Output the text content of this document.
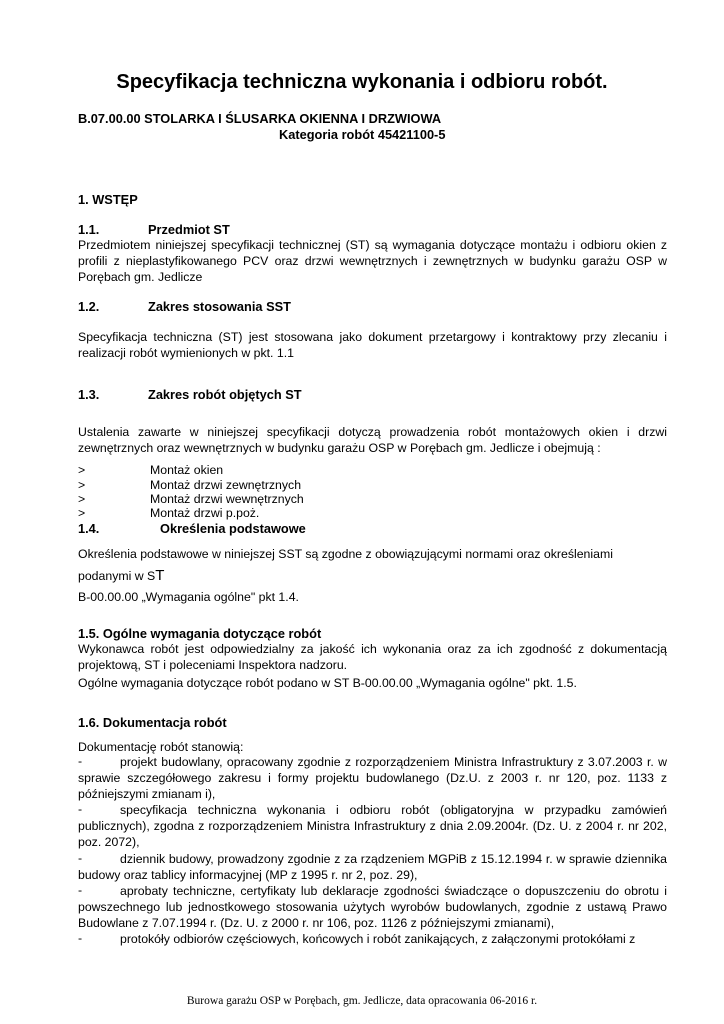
Specyfikacja techniczna wykonania i odbioru robót.
B.07.00.00 STOLARKA I ŚLUSARKA OKIENNA I DRZWIOWA
Kategoria robót 45421100-5
1. WSTĘP
1.1.	Przedmiot ST
Przedmiotem niniejszej specyfikacji technicznej (ST) są wymagania dotyczące montażu i odbioru okien z profili z nieplastyfikowanego PCV oraz drzwi wewnętrznych i zewnętrznych w budynku garażu OSP w Porębach gm. Jedlicze
1.2.	Zakres stosowania SST
Specyfikacja techniczna (ST) jest stosowana jako dokument przetargowy i kontraktowy przy zlecaniu i realizacji robót wymienionych w pkt. 1.1
1.3.	Zakres robót objętych ST
Ustalenia zawarte w niniejszej specyfikacji dotyczą prowadzenia robót montażowych okien i drzwi zewnętrznych oraz wewnętrznych w budynku garażu OSP w Porębach gm. Jedlicze i obejmują :
>	Montaż okien
>	Montaż drzwi zewnętrznych
>	Montaż drzwi wewnętrznych
>	Montaż drzwi p.poż.
1.4.	Określenia podstawowe
Określenia podstawowe w niniejszej SST są zgodne z obowiązującymi normami oraz określeniami
podanymi w ST
B-00.00.00 „Wymagania ogólne" pkt 1.4.
1.5. Ogólne wymagania dotyczące robót
Wykonawca robót jest odpowiedzialny za jakość ich wykonania oraz za ich zgodność z dokumentacją projektową, ST i poleceniami Inspektora nadzoru.
Ogólne wymagania dotyczące robót podano w ST B-00.00.00 „Wymagania ogólne" pkt. 1.5.
1.6. Dokumentacja robót
Dokumentację robót stanowią:
-	projekt budowlany, opracowany zgodnie z rozporządzeniem Ministra Infrastruktury z 3.07.2003 r. w sprawie szczegółowego zakresu i formy projektu budowlanego (Dz.U. z 2003 r. nr 120, poz. 1133 z późniejszymi zmianam i),
-	specyfikacja techniczna wykonania i odbioru robót (obligatoryjna w przypadku zamówień publicznych), zgodna z rozporządzeniem Ministra Infrastruktury z dnia 2.09.2004r. (Dz. U. z 2004 r. nr 202, poz. 2072),
-	dziennik budowy, prowadzony zgodnie z za rządzeniem MGPiB z 15.12.1994 r. w sprawie dziennika budowy oraz tablicy informacyjnej (MP z 1995 r. nr 2, poz. 29),
-	aprobaty techniczne, certyfikaty lub deklaracje zgodności świadczące o dopuszczeniu do obrotu i powszechnego lub jednostkowego stosowania użytych wyrobów budowlanych, zgodnie z ustawą Prawo Budowlane z 7.07.1994 r. (Dz. U. z 2000 r. nr 106, poz. 1126 z późniejszymi zmianami),
-	protokóły odbiorów częściowych, końcowych i robót zanikających, z załączonymi protokółami z
Burowa garażu OSP w Porębach, gm. Jedlicze, data opracowania 06-2016 r.
